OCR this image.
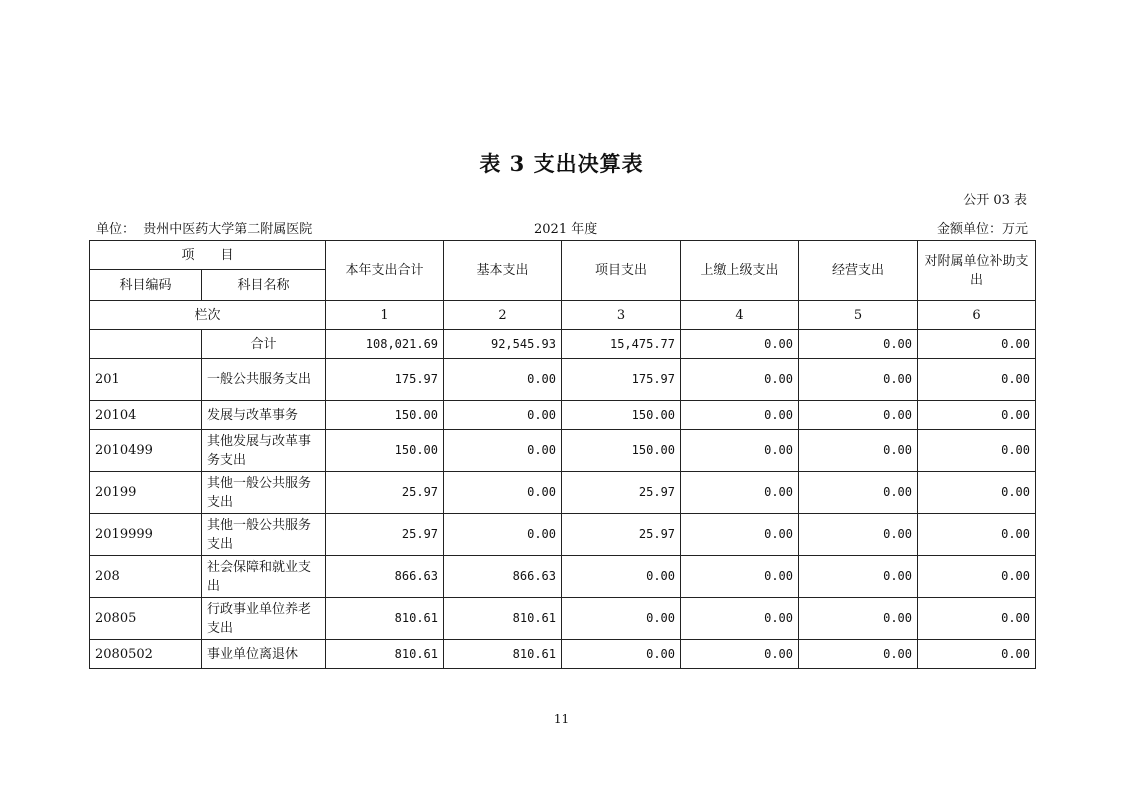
表 3 支出决算表
公开 03 表
单位： 贵州中医药大学第二附属医院	2021 年度	金额单位：万元
项　　目		本年支出合计	基本支出	项目支出	上缴上级支出	经营支出	对附属单位补助支出
科目编码	科目名称						
栏次		1	2	3	4	5	6
	合计	108,021.69	92,545.93	15,475.77	0.00	0.00	0.00
201	一般公共服务支出	175.97	0.00	175.97	0.00	0.00	0.00
20104	发展与改革事务	150.00	0.00	150.00	0.00	0.00	0.00
2010499	其他发展与改革事务支出	150.00	0.00	150.00	0.00	0.00	0.00
20199	其他一般公共服务支出	25.97	0.00	25.97	0.00	0.00	0.00
2019999	其他一般公共服务支出	25.97	0.00	25.97	0.00	0.00	0.00
208	社会保障和就业支出	866.63	866.63	0.00	0.00	0.00	0.00
20805	行政事业单位养老支出	810.61	810.61	0.00	0.00	0.00	0.00
2080502	事业单位离退休	810.61	810.61	0.00	0.00	0.00	0.00
11
